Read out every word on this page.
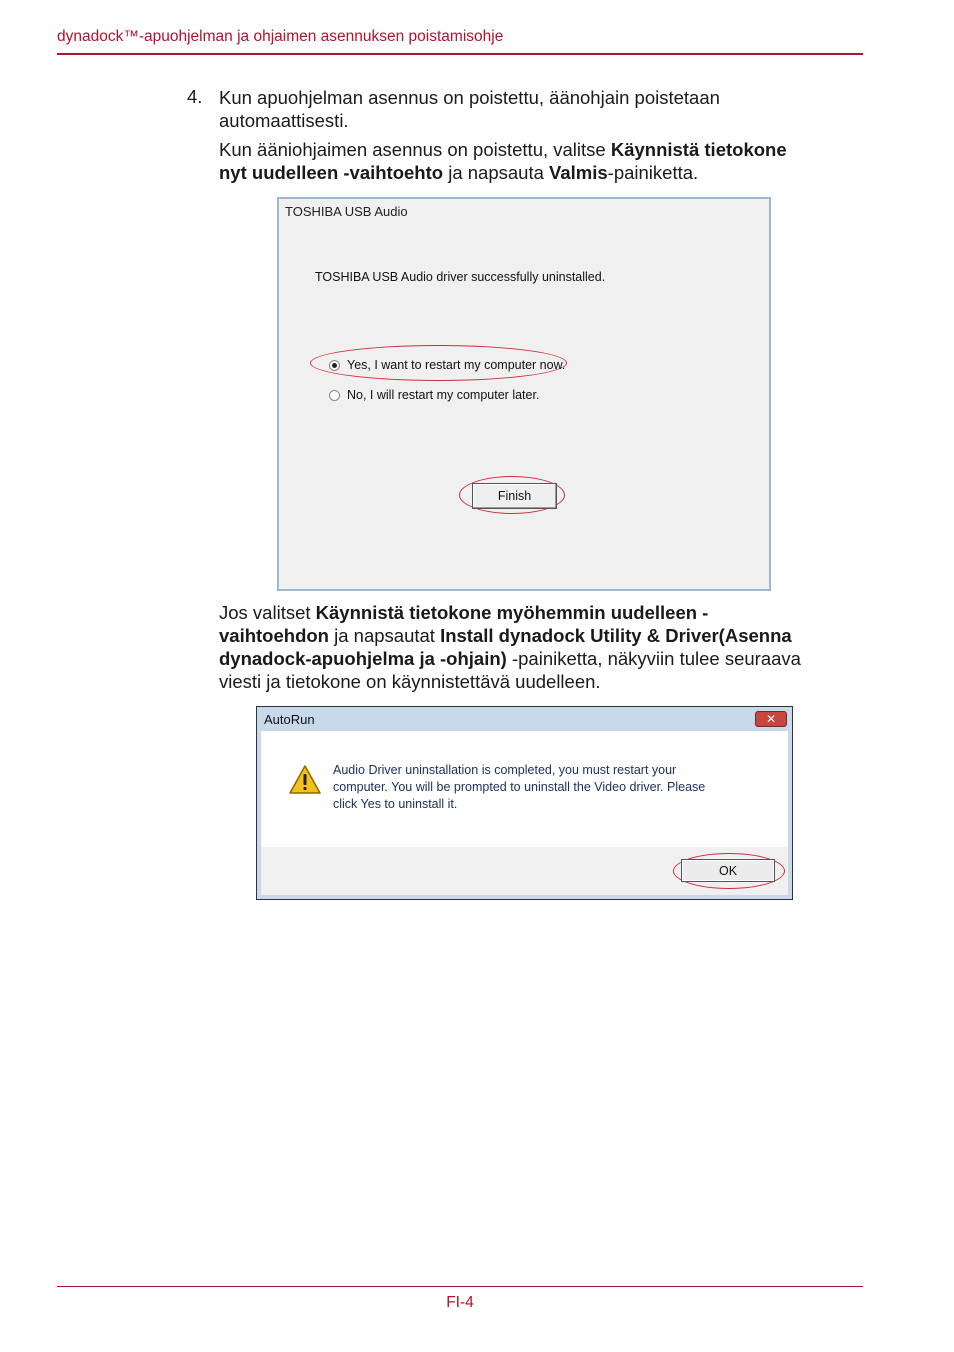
dynadock™-apuohjelman ja ohjaimen asennuksen poistamisohje
4. Kun apuohjelman asennus on poistettu, äänohjain poistetaan
automaattisesti.
Kun ääniohjaimen asennus on poistettu, valitse Käynnistä tietokone
nyt uudelleen -vaihtoehto ja napsauta Valmis-painiketta.
TOSHIBA USB Audio
TOSHIBA USB Audio driver successfully uninstalled.
Yes, I want to restart my computer now.
No, I will restart my computer later.
Finish
Jos valitset Käynnistä tietokone myöhemmin uudelleen -
vaihtoehdon ja napsautat Install dynadock Utility & Driver(Asenna
dynadock-apuohjelma ja -ohjain) -painiketta, näkyviin tulee seuraava
viesti ja tietokone on käynnistettävä uudelleen.
AutoRun	✕
Audio Driver uninstallation is completed, you must restart your
computer. You will be prompted to uninstall the Video driver. Please
click Yes to uninstall it.
OK
FI-4
